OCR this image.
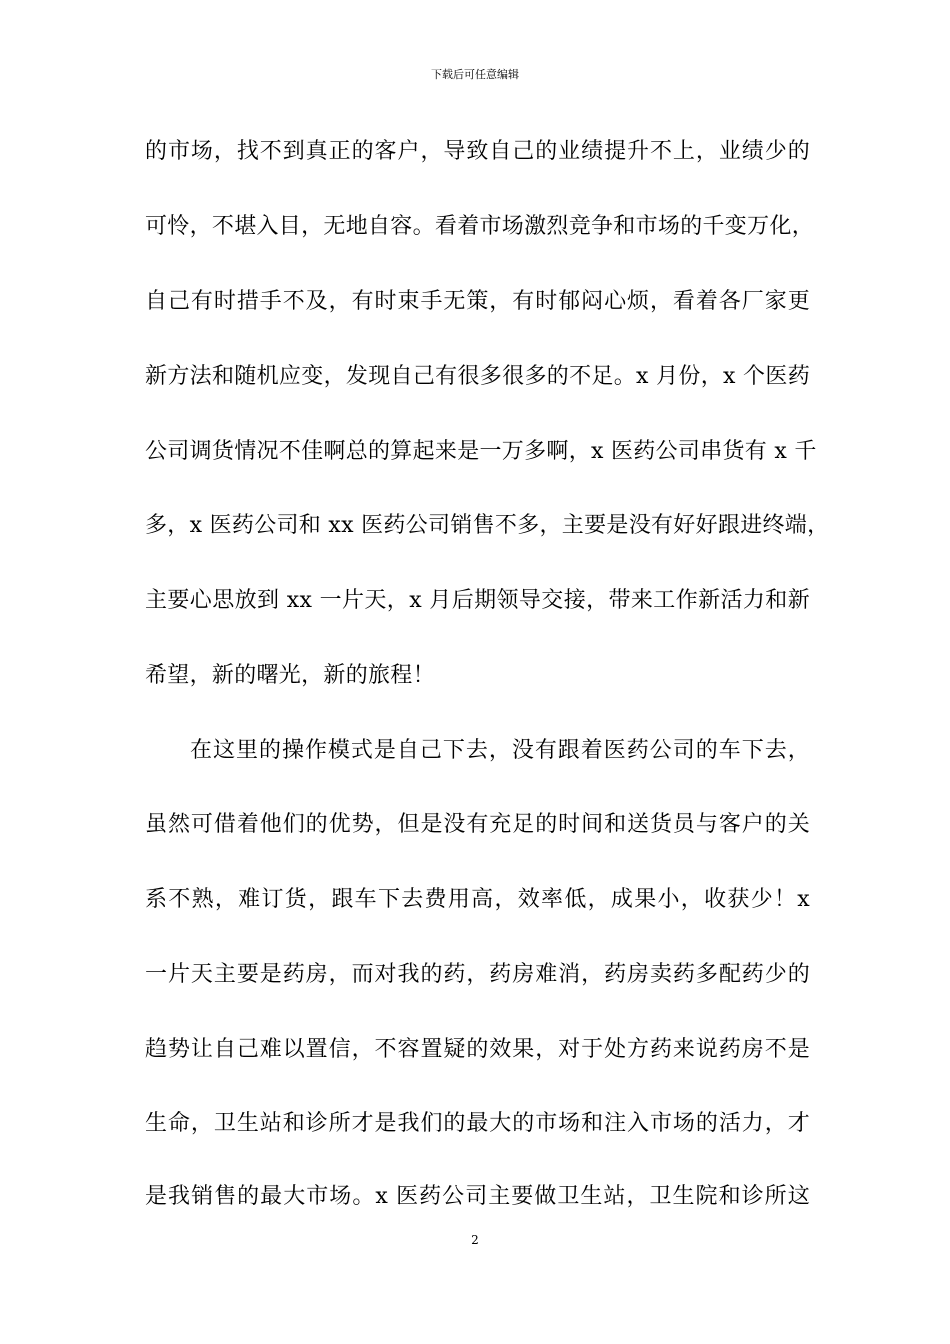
下载后可任意编辑
的市场，找不到真正的客户，导致自己的业绩提升不上，业绩少的
可怜，不堪入目，无地自容。看着市场激烈竞争和市场的千变万化，
自己有时措手不及，有时束手无策，有时郁闷心烦，看着各厂家更
新方法和随机应变，发现自己有很多很多的不足。x 月份，x 个医药
公司调货情况不佳啊总的算起来是一万多啊，x 医药公司串货有 x 千
多，x 医药公司和 xx 医药公司销售不多，主要是没有好好跟进终端，
主要心思放到 xx 一片天，x 月后期领导交接，带来工作新活力和新
希望，新的曙光，新的旅程！
在这里的操作模式是自己下去，没有跟着医药公司的车下去，
虽然可借着他们的优势，但是没有充足的时间和送货员与客户的关
系不熟，难订货，跟车下去费用高，效率低，成果小，收获少！x
一片天主要是药房，而对我的药，药房难消，药房卖药多配药少的
趋势让自己难以置信，不容置疑的效果，对于处方药来说药房不是
生命，卫生站和诊所才是我们的最大的市场和注入市场的活力，才
是我销售的最大市场。x 医药公司主要做卫生站，卫生院和诊所这
2
